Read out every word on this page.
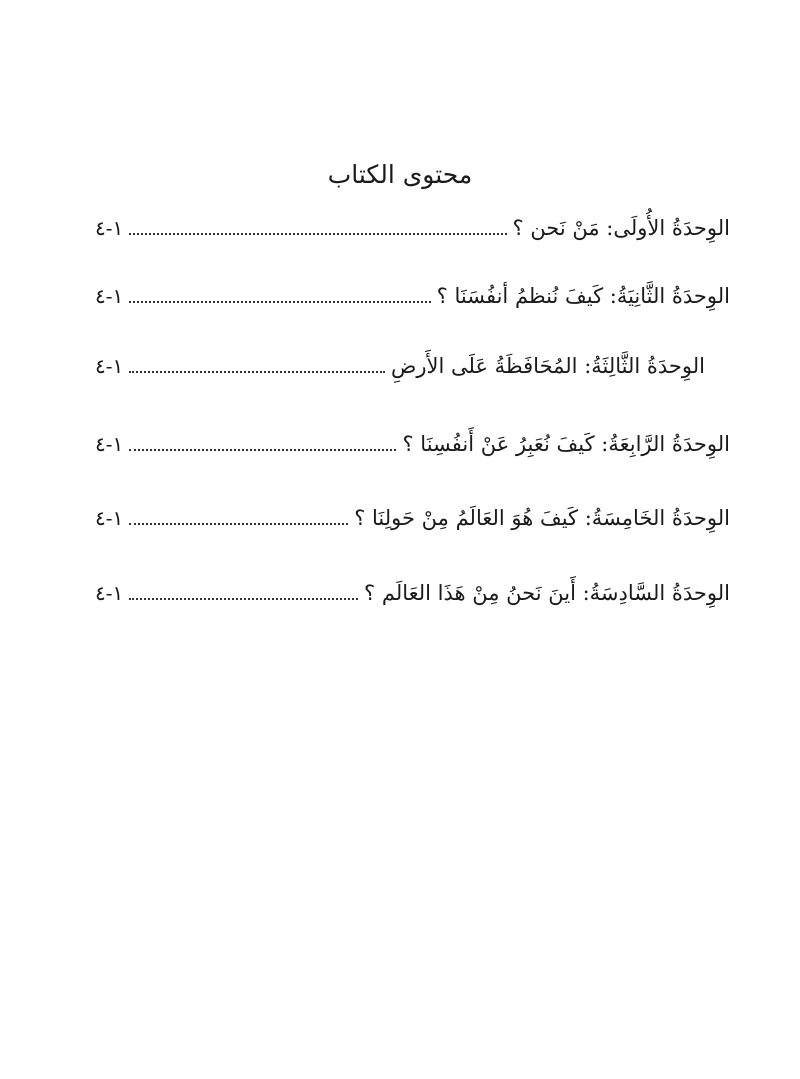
محتوى الكتاب
الوِحدَةُ الأُولَى: مَنْ نَحن ؟
١-٤
الوِحدَةُ الثَّانِيَةُ: كَيفَ نُنظمُ أنفُسَنَا ؟
١-٤
الوِحدَةُ الثَّالِثَةُ: المُحَافَظَةُ عَلَى الأَرضِ
١-٤
الوِحدَةُ الرَّابِعَةُ: كَيفَ نُعَبِرُ عَنْ أَنفُسِنَا ؟
١-٤
الوِحدَةُ الخَامِسَةُ: كَيفَ هُوَ العَالَمُ مِنْ حَولِنَا ؟
١-٤
الوِحدَةُ السَّادِسَةُ: أَينَ نَحنُ مِنْ هَذَا العَالَم ؟
١-٤
